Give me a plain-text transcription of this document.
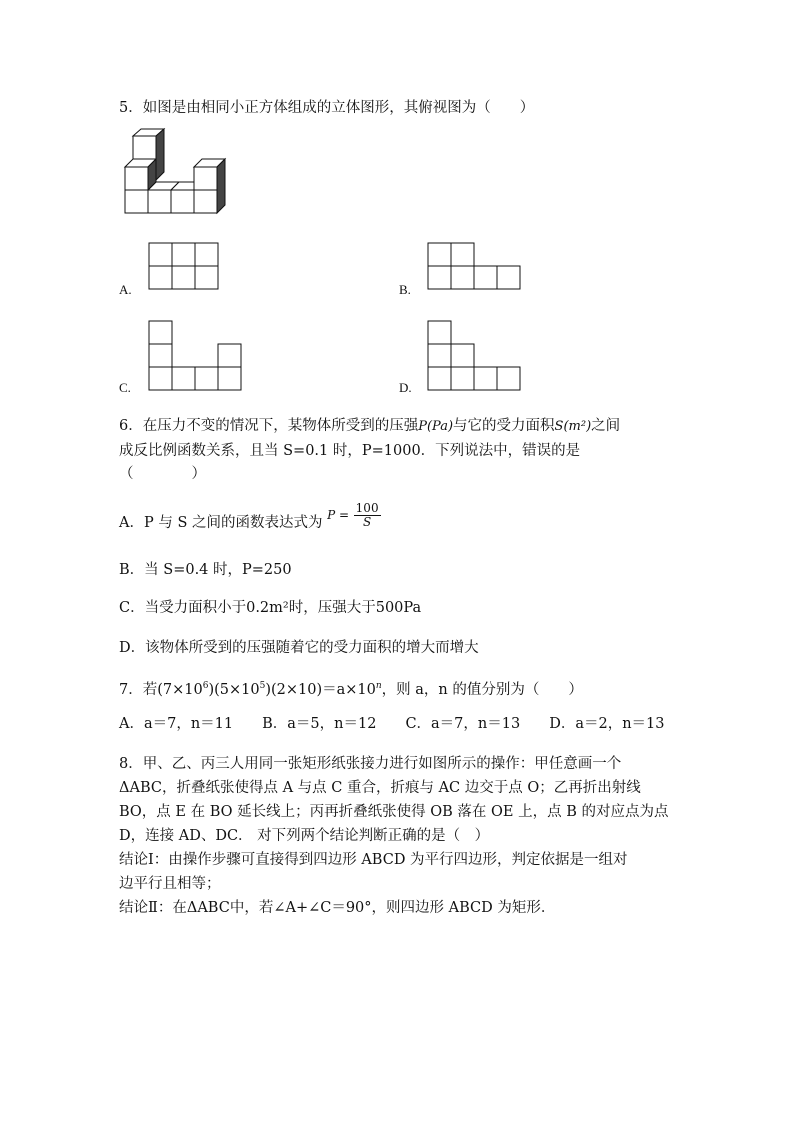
5．如图是由相同小正方体组成的立体图形，其俯视图为（　　）
A.	B.
C.	D.
6．在压力不变的情况下，某物体所受到的压强P(Pa)与它的受力面积S(m²)之间
成反比例函数关系，且当 S=0.1 时，P=1000．下列说法中，错误的是
（　　　　）
A．P 与 S 之间的函数表达式为 $P = \frac{100}{S}$
B．当 S=0.4 时，P=250
C．当受力面积小于0.2m²时，压强大于500Pa
D．该物体所受到的压强随着它的受力面积的增大而增大
7．若$(7\times 10^6)(5\times 10^5)(2\times 10)=a\times 10^n$，则 a，n 的值分别为（　　）
A．a＝7，n＝11　　B．a＝5，n＝12　　C．a＝7，n＝13　　D．a＝2，n＝13
8．甲、乙、丙三人用同一张矩形纸张接力进行如图所示的操作：甲任意画一个
ΔABC，折叠纸张使得点 A 与点 C 重合，折痕与 AC 边交于点 O；乙再折出射线
BO，点 E 在 BO 延长线上；丙再折叠纸张使得 OB 落在 OE 上，点 B 的对应点为点
D，连接 AD、DC． 对下列两个结论判断正确的是（　）
结论Ⅰ：由操作步骤可直接得到四边形 ABCD 为平行四边形，判定依据是一组对
边平行且相等；
结论Ⅱ：在ΔABC中，若∠A+∠C＝90°，则四边形 ABCD 为矩形．
